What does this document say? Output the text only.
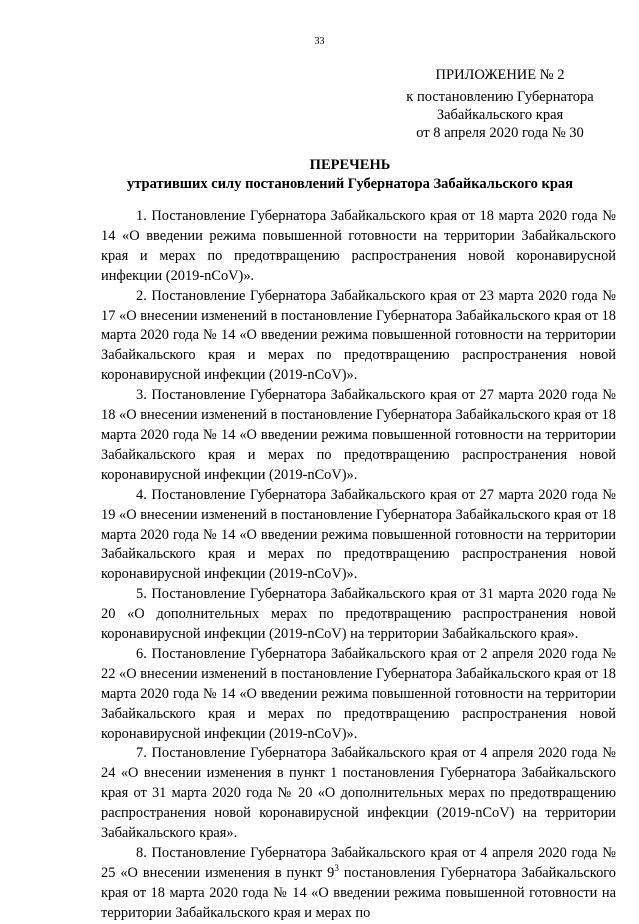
33
ПРИЛОЖЕНИЕ № 2
к постановлению Губернатора
Забайкальского края
от 8 апреля 2020 года № 30
ПЕРЕЧЕНЬ
утративших силу постановлений Губернатора Забайкальского края

1. Постановление Губернатора Забайкальского края от 18 марта 2020 года № 14 «О введении режима повышенной готовности на территории Забайкальского края и мерах по предотвращению распространения новой коронавирусной инфекции (2019-nCoV)».

2. Постановление Губернатора Забайкальского края от 23 марта 2020 года № 17 «О внесении изменений в постановление Губернатора Забайкальского края от 18 марта 2020 года № 14 «О введении режима повышенной готовности на территории Забайкальского края и мерах по предотвращению распространения новой коронавирусной инфекции (2019-nCoV)».

3. Постановление Губернатора Забайкальского края от 27 марта 2020 года № 18 «О внесении изменений в постановление Губернатора Забайкальского края от 18 марта 2020 года № 14 «О введении режима повышенной готовности на территории Забайкальского края и мерах по предотвращению распространения новой коронавирусной инфекции (2019-nCoV)».

4. Постановление Губернатора Забайкальского края от 27 марта 2020 года № 19 «О внесении изменений в постановление Губернатора Забайкальского края от 18 марта 2020 года № 14 «О введении режима повышенной готовности на территории Забайкальского края и мерах по предотвращению распространения новой коронавирусной инфекции (2019-nCoV)».

5. Постановление Губернатора Забайкальского края от 31 марта 2020 года № 20 «О дополнительных мерах по предотвращению распространения новой коронавирусной инфекции (2019-nCoV) на территории Забайкальского края».

6. Постановление Губернатора Забайкальского края от 2 апреля 2020 года № 22 «О внесении изменений в постановление Губернатора Забайкальского края от 18 марта 2020 года № 14 «О введении режима повышенной готовности на территории Забайкальского края и мерах по предотвращению распространения новой коронавирусной инфекции (2019-nCoV)».

7. Постановление Губернатора Забайкальского края от 4 апреля 2020 года № 24 «О внесении изменения в пункт 1 постановления Губернатора Забайкальского края от 31 марта 2020 года № 20 «О дополнительных мерах по предотвращению распространения новой коронавирусной инфекции (2019-nCoV) на территории Забайкальского края».

8. Постановление Губернатора Забайкальского края от 4 апреля 2020 года № 25 «О внесении изменения в пункт $9^3$ постановления Губернатора Забайкальского края от 18 марта 2020 года № 14 «О введении режима повышенной готовности на территории Забайкальского края и мерах по
